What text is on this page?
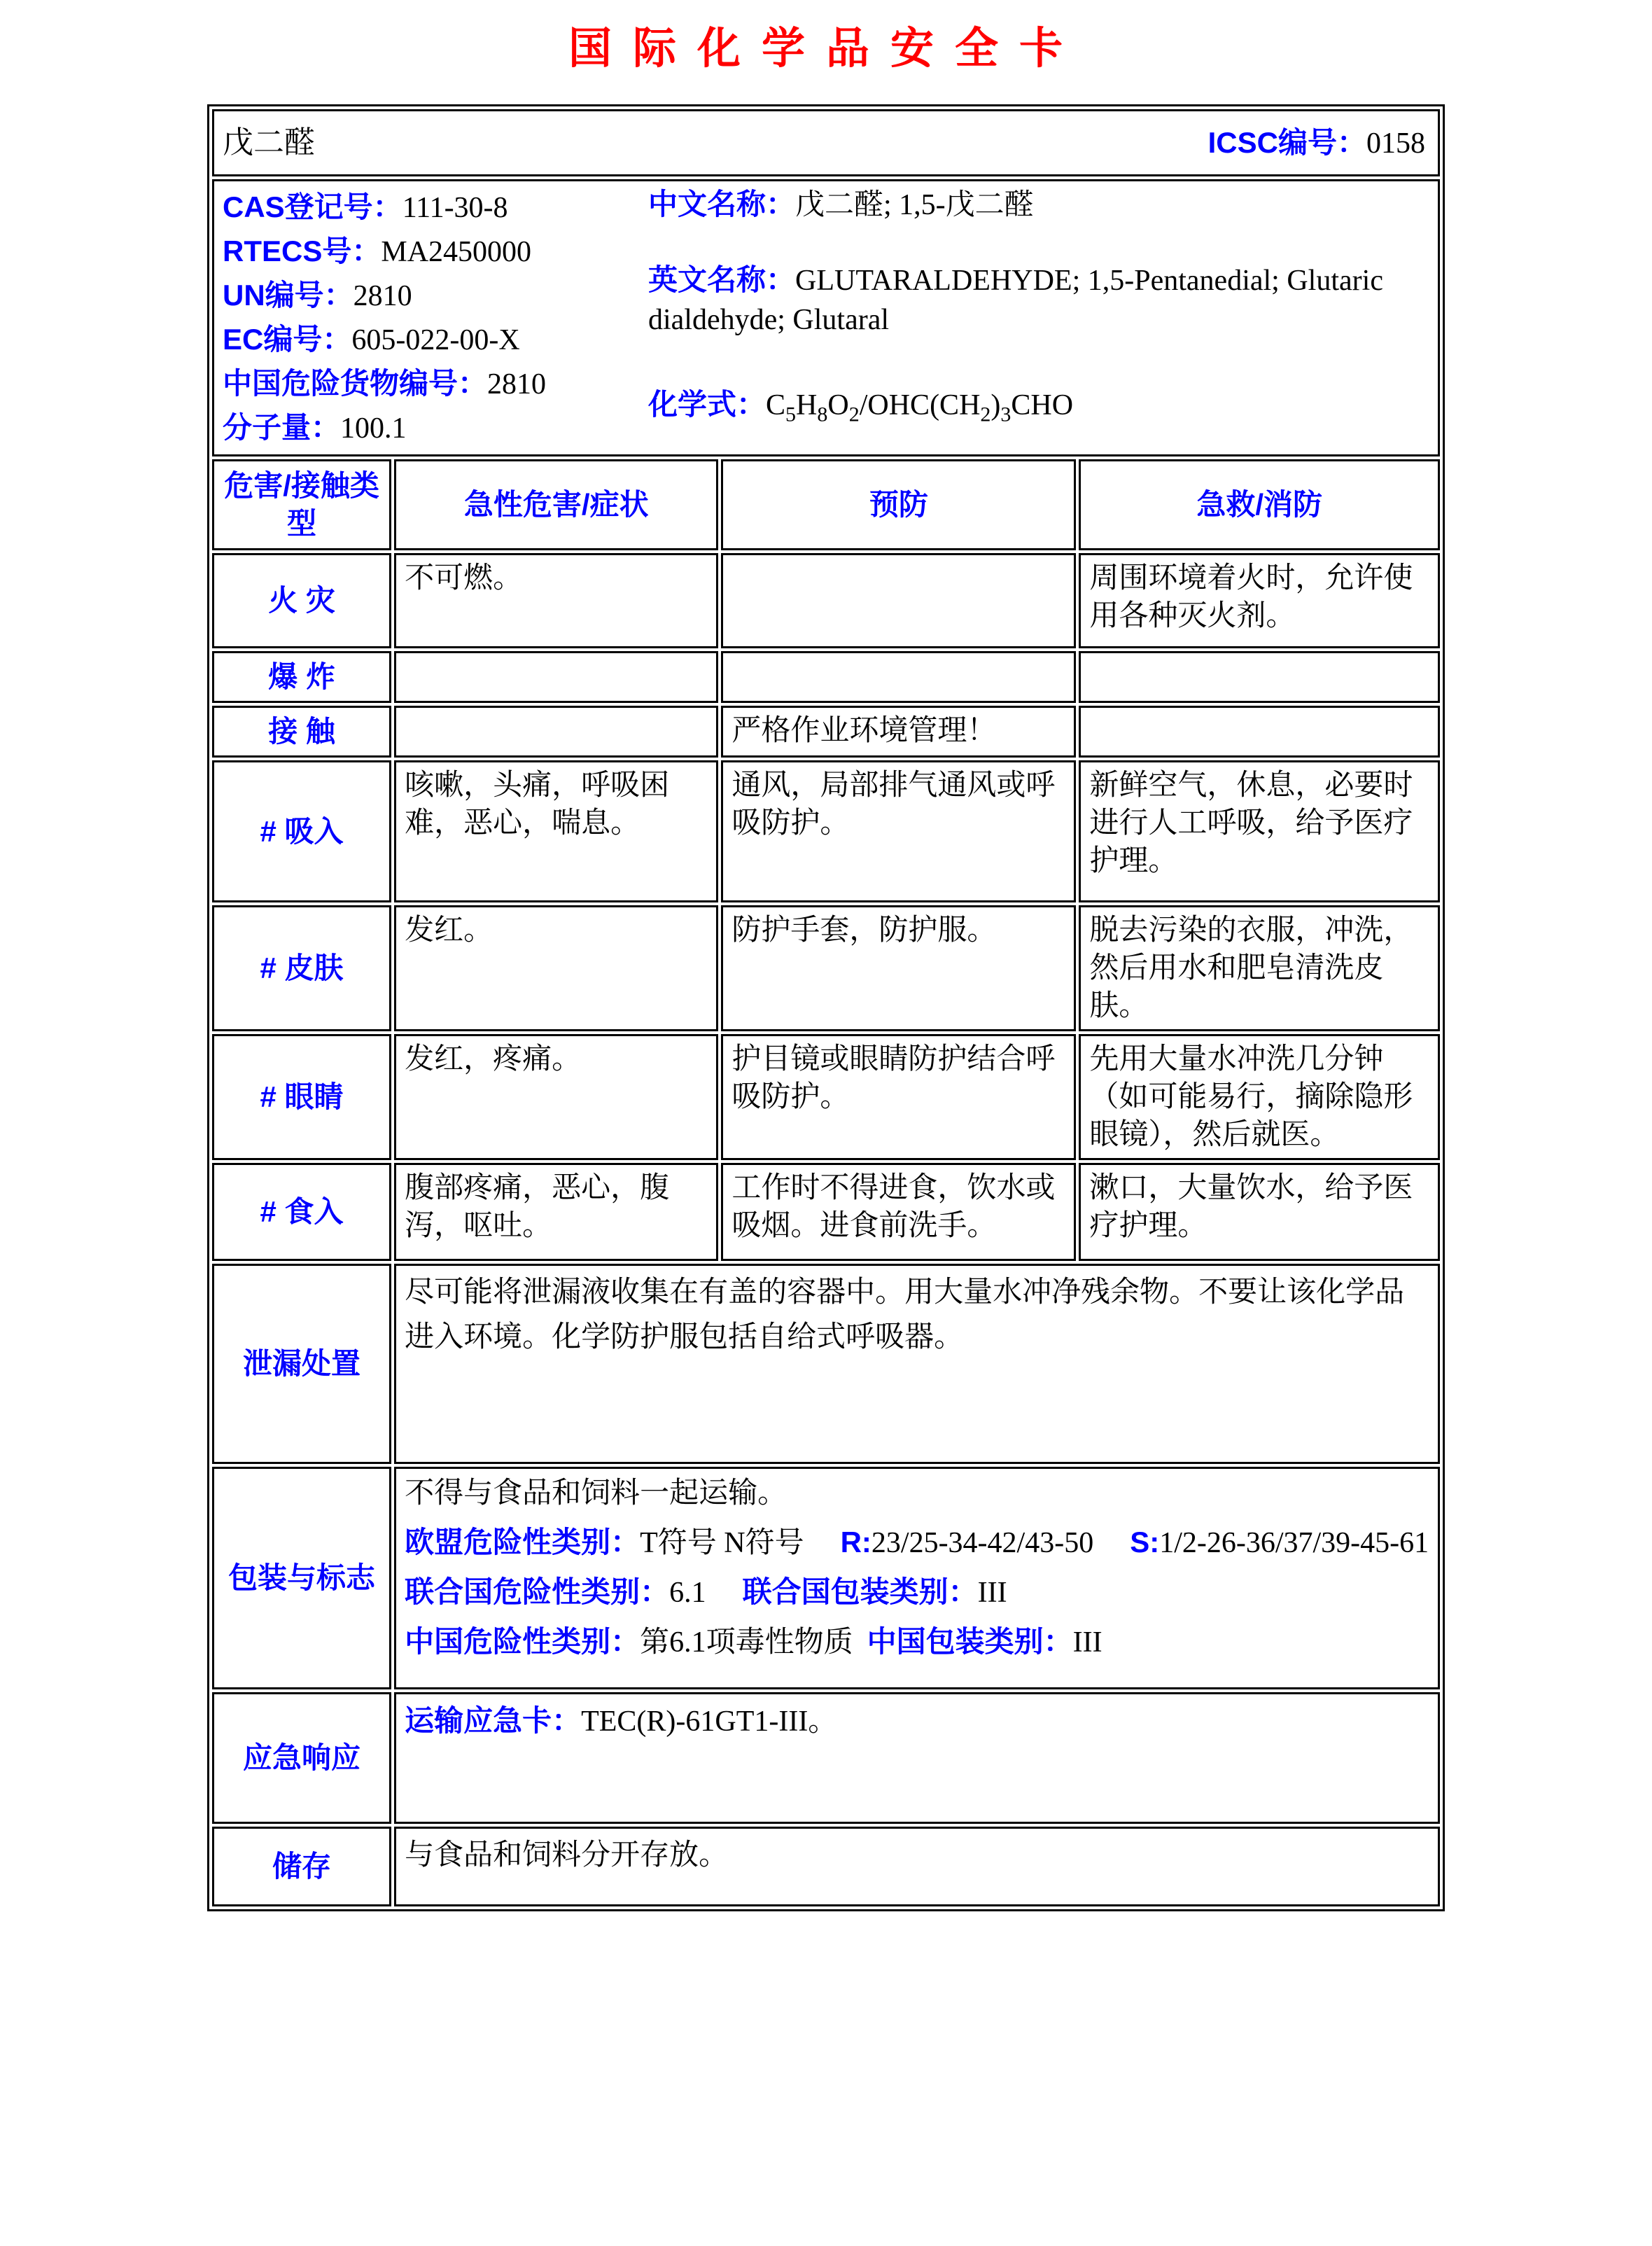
国际化学品安全卡
戊二醛 ICSC编号：0158			

CAS登记号：111-30-8
RTECS号：MA2450000
UN编号：2810
EC编号：605-022-00-X
中国危险货物编号：2810
分子量：100.1
中文名称：戊二醛; 1,5-戊二醛
英文名称：GLUTARALDEHYDE; 1,5-Pentanedial; Glutaric dialdehyde; Glutaral
化学式：$C_5H_8O_2/OHC(CH_2)_3CHO$

危害/接触类型	急性危害/症状	预防	急救/消防
火 灾	不可燃。		周围环境着火时，允许使用各种灭火剂。
爆 炸			
接 触		严格作业环境管理！	
# 吸入	咳嗽，头痛，呼吸困难，恶心，喘息。	通风，局部排气通风或呼吸防护。	新鲜空气，休息，必要时进行人工呼吸，给予医疗护理。
# 皮肤	发红。	防护手套，防护服。	脱去污染的衣服，冲洗，然后用水和肥皂清洗皮肤。
# 眼睛	发红，疼痛。	护目镜或眼睛防护结合呼吸防护。	先用大量水冲洗几分钟（如可能易行，摘除隐形眼镜），然后就医。
# 食入	腹部疼痛，恶心，腹泻，呕吐。	工作时不得进食，饮水或吸烟。进食前洗手。	漱口，大量饮水，给予医疗护理。
泄漏处置	尽可能将泄漏液收集在有盖的容器中。用大量水冲净残余物。不要让该化学品进入环境。化学防护服包括自给式呼吸器。		
包装与标志	不得与食品和饲料一起运输。

欧盟危险性类别：T符号 N符号 R:23/25-34-42/43-50 S:1/2-26-36/37/39-45-61

联合国危险性类别：6.1 联合国包装类别：III

中国危险性类别：第6.1项毒性物质 中国包装类别：III		

应急响应	运输应急卡：TEC(R)-61GT1-III。		
储存	与食品和饲料分开存放。		
